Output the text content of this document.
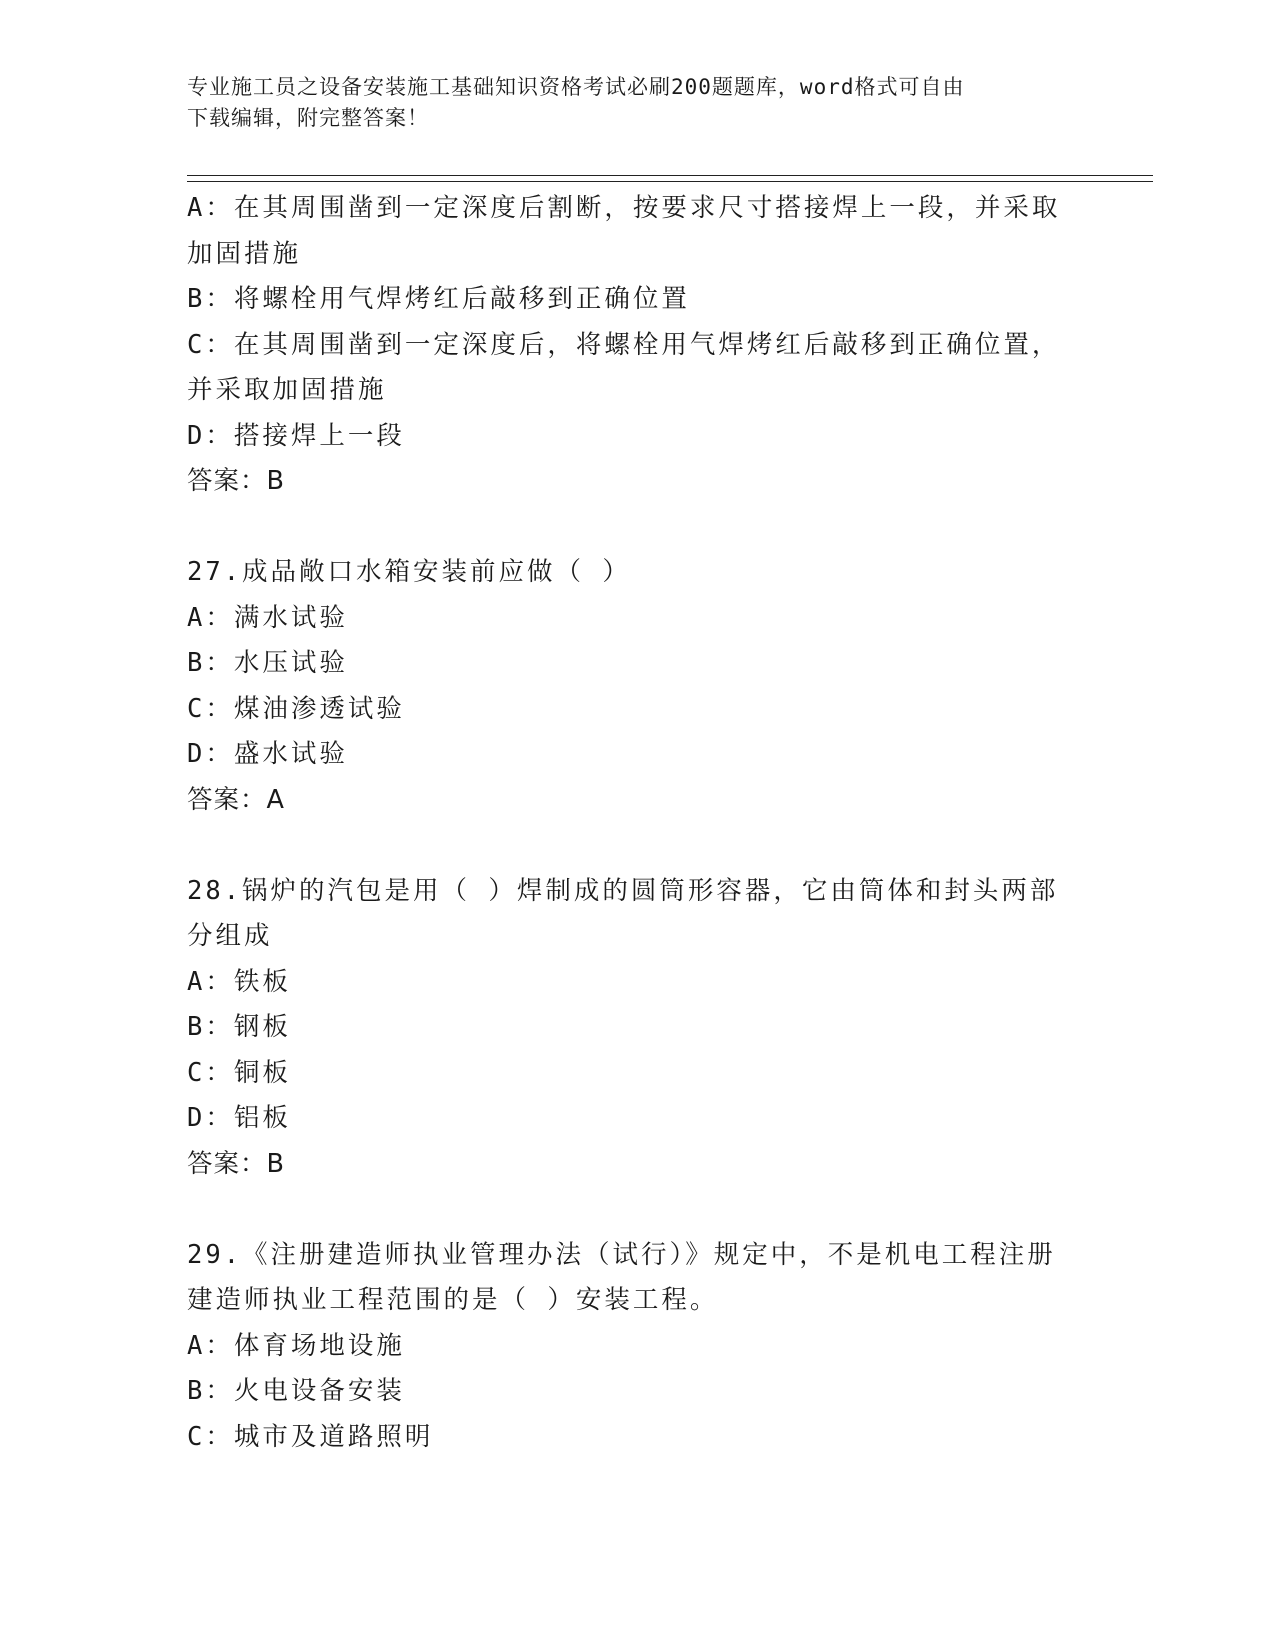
专业施工员之设备安装施工基础知识资格考试必刷200题题库，word格式可自由
下载编辑，附完整答案！
A：在其周围凿到一定深度后割断，按要求尺寸搭接焊上一段，并采取
加固措施
B：将螺栓用气焊烤红后敲移到正确位置
C：在其周围凿到一定深度后，将螺栓用气焊烤红后敲移到正确位置，
并采取加固措施
D：搭接焊上一段
答案：B
27.成品敞口水箱安装前应做（ ）
A：满水试验
B：水压试验
C：煤油渗透试验
D：盛水试验
答案：A
28.锅炉的汽包是用（ ）焊制成的圆筒形容器，它由筒体和封头两部
分组成
A：铁板
B：钢板
C：铜板
D：铝板
答案：B
29.《注册建造师执业管理办法（试行）》规定中，不是机电工程注册
建造师执业工程范围的是（ ）安装工程。
A：体育场地设施
B：火电设备安装
C：城市及道路照明
